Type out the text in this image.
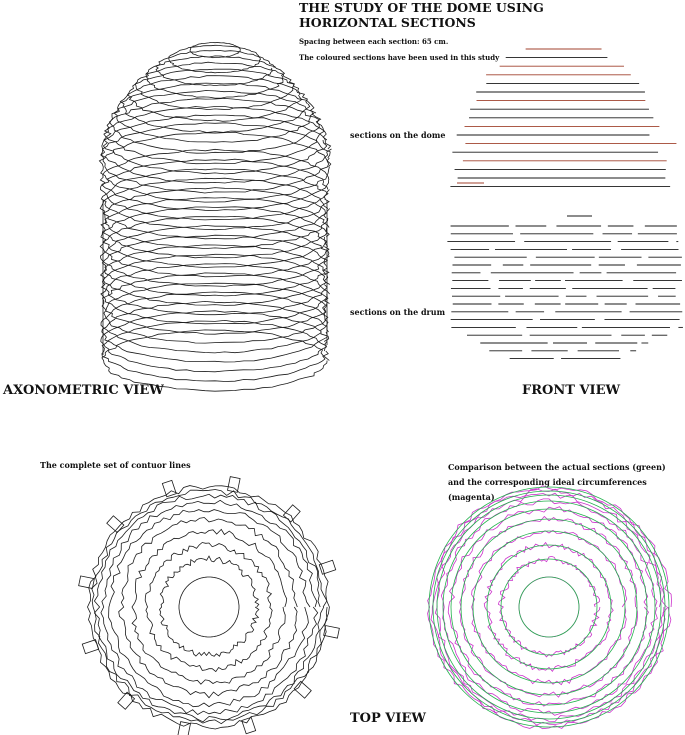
THE STUDY OF THE DOME USING HORIZONTAL SECTIONS
Spacing between each section: 65 cm.
The coloured sections have been used in this study
sections on the dome
sections on the drum
AXONOMETRIC VIEW	FRONT VIEW
The complete set of contuor lines	Comparison between the actual sections (green) and the corresponding ideal circumferences (magenta)
TOP VIEW
